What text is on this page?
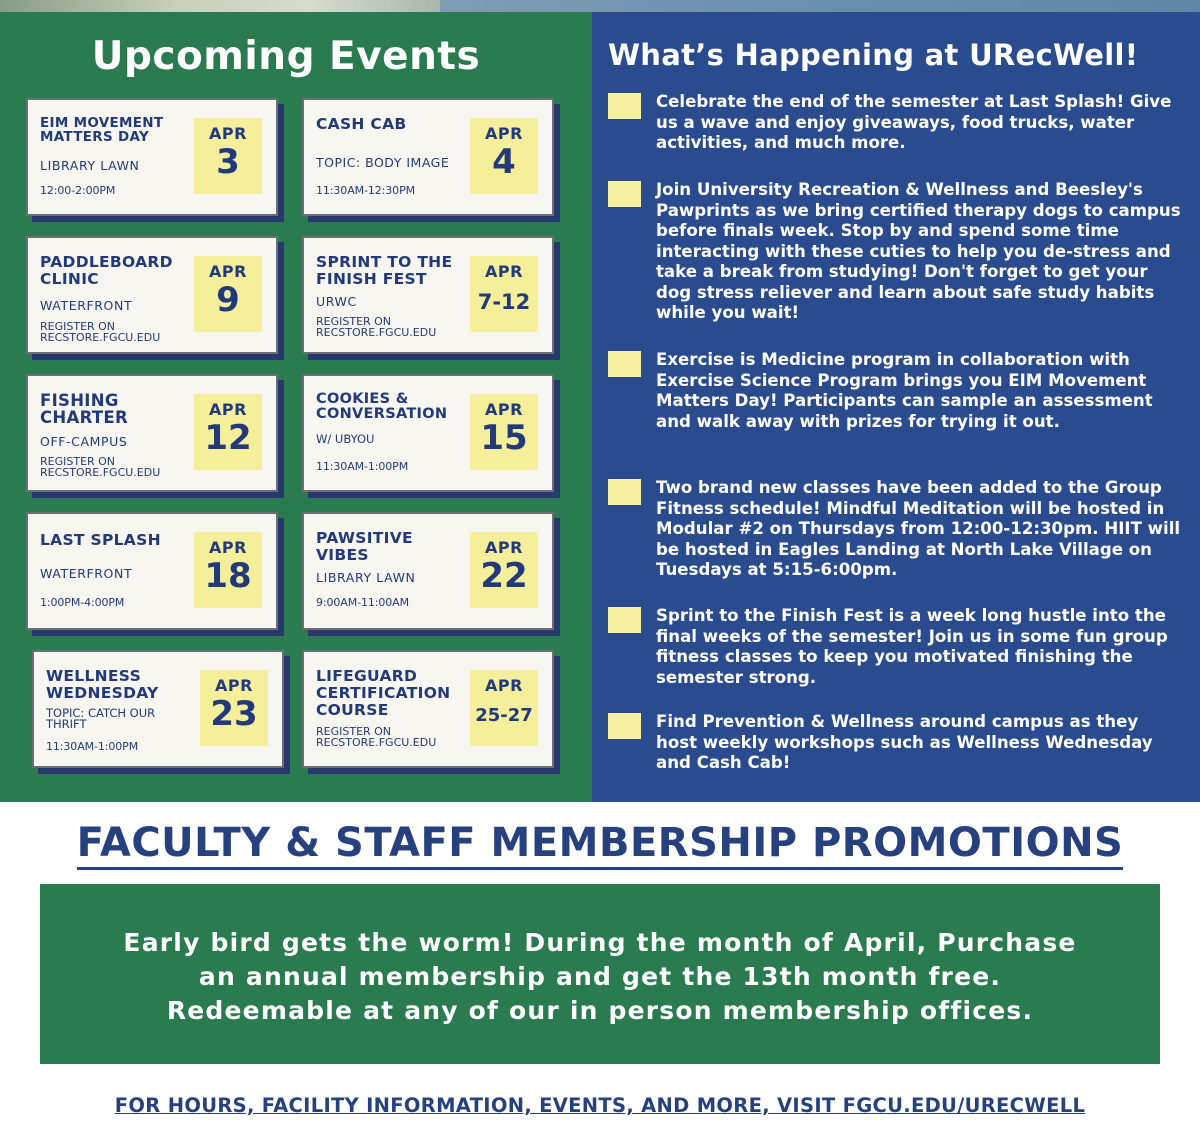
Upcoming Events
EIM MOVEMENT MATTERS DAY
LIBRARY LAWN
12:00-2:00PM
APR
3
CASH CAB
TOPIC: BODY IMAGE
11:30AM-12:30PM
APR
4
PADDLEBOARD CLINIC
WATERFRONT
REGISTER ON RECSTORE.FGCU.EDU
APR
9
SPRINT TO THE FINISH FEST
URWC
REGISTER ON RECSTORE.FGCU.EDU
APR
7-12
FISHING CHARTER
OFF-CAMPUS
REGISTER ON RECSTORE.FGCU.EDU
APR
12
COOKIES & CONVERSATION
W/ UBYOU
11:30AM-1:00PM
APR
15
LAST SPLASH
WATERFRONT
1:00PM-4:00PM
APR
18
PAWSITIVE VIBES
LIBRARY LAWN
9:00AM-11:00AM
APR
22
WELLNESS WEDNESDAY
TOPIC: CATCH OUR THRIFT
11:30AM-1:00PM
APR
23
LIFEGUARD CERTIFICATION COURSE
REGISTER ON RECSTORE.FGCU.EDU
APR
25-27
What’s Happening at URecWell!
Celebrate the end of the semester at Last Splash! Give us a wave and enjoy giveaways, food trucks, water activities, and much more.
Join University Recreation & Wellness and Beesley's Pawprints as we bring certified therapy dogs to campus before finals week. Stop by and spend some time interacting with these cuties to help you de-stress and take a break from studying! Don't forget to get your dog stress reliever and learn about safe study habits while you wait!
Exercise is Medicine program in collaboration with Exercise Science Program brings you EIM Movement Matters Day! Participants can sample an assessment and walk away with prizes for trying it out.
Two brand new classes have been added to the Group Fitness schedule! Mindful Meditation will be hosted in Modular #2 on Thursdays from 12:00-12:30pm. HIIT will be hosted in Eagles Landing at North Lake Village on Tuesdays at 5:15-6:00pm.
Sprint to the Finish Fest is a week long hustle into the final weeks of the semester! Join us in some fun group fitness classes to keep you motivated finishing the semester strong.
Find Prevention & Wellness around campus as they host weekly workshops such as Wellness Wednesday and Cash Cab!
FACULTY & STAFF MEMBERSHIP PROMOTIONS
Early bird gets the worm! During the month of April, Purchase
an annual membership and get the 13th month free.
Redeemable at any of our in person membership offices.
FOR HOURS, FACILITY INFORMATION, EVENTS, AND MORE, VISIT FGCU.EDU/URECWELL
